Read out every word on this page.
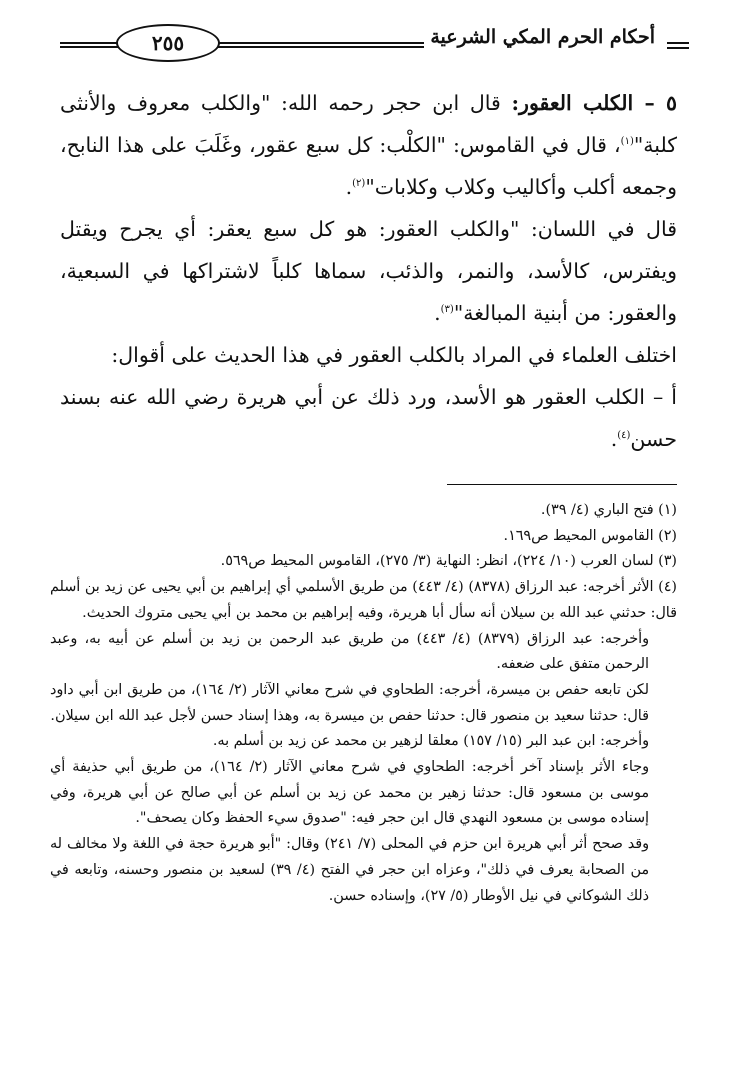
أحكام الحرم المكي الشرعية
٢٥٥

٥ – الكلب العقور: قال ابن حجر رحمه الله: "والكلب معروف والأنثى كلبة"$^{(١)}$، قال في القاموس: "الكلْب: كل سبع عقور، وغَلَبَ على هذا النابح، وجمعه أكلب وأكاليب وكلاب وكلابات"$^{(٢)}$.

قال في اللسان: "والكلب العقور: هو كل سبع يعقر: أي يجرح ويقتل ويفترس، كالأسد، والنمر، والذئب، سماها كلباً لاشتراكها في السبعية، والعقور: من أبنية المبالغة"$^{(٣)}$.

اختلف العلماء في المراد بالكلب العقور في هذا الحديث على أقوال:

أ – الكلب العقور هو الأسد، ورد ذلك عن أبي هريرة رضي الله عنه بسند حسن$^{(٤)}$.

(١) فتح الباري (٤/ ٣٩).

(٢) القاموس المحيط ص١٦٩.

(٣) لسان العرب (١٠/ ٢٢٤)، انظر: النهاية (٣/ ٢٧٥)، القاموس المحيط ص٥٦٩.

(٤) الأثر أخرجه: عبد الرزاق (٨٣٧٨) (٤/ ٤٤٣) من طريق الأسلمي أي إبراهيم بن أبي يحيى عن زيد بن أسلم قال: حدثني عبد الله بن سيلان أنه سأل أبا هريرة، وفيه إبراهيم بن محمد بن أبي يحيى متروك الحديث.

وأخرجه: عبد الرزاق (٨٣٧٩) (٤/ ٤٤٣) من طريق عبد الرحمن بن زيد بن أسلم عن أبيه به، وعبد الرحمن متفق على ضعفه.

لكن تابعه حفص بن ميسرة، أخرجه: الطحاوي في شرح معاني الآثار (٢/ ١٦٤)، من طريق ابن أبي داود قال: حدثنا سعيد بن منصور قال: حدثنا حفص بن ميسرة به، وهذا إسناد حسن لأجل عبد الله ابن سيلان.

وأخرجه: ابن عبد البر (١٥/ ١٥٧) معلقا لزهير بن محمد عن زيد بن أسلم به.

وجاء الأثر بإسناد آخر أخرجه: الطحاوي في شرح معاني الآثار (٢/ ١٦٤)، من طريق أبي حذيفة أي موسى بن مسعود قال: حدثنا زهير بن محمد عن زيد بن أسلم عن أبي صالح عن أبي هريرة، وفي إسناده موسى بن مسعود النهدي قال ابن حجر فيه: "صدوق سيء الحفظ وكان يصحف".

وقد صحح أثر أبي هريرة ابن حزم في المحلى (٧/ ٢٤١) وقال: "أبو هريرة حجة في اللغة ولا مخالف له من الصحابة يعرف في ذلك"، وعزاه ابن حجر في الفتح (٤/ ٣٩) لسعيد بن منصور وحسنه، وتابعه في ذلك الشوكاني في نيل الأوطار (٥/ ٢٧)، وإسناده حسن.
